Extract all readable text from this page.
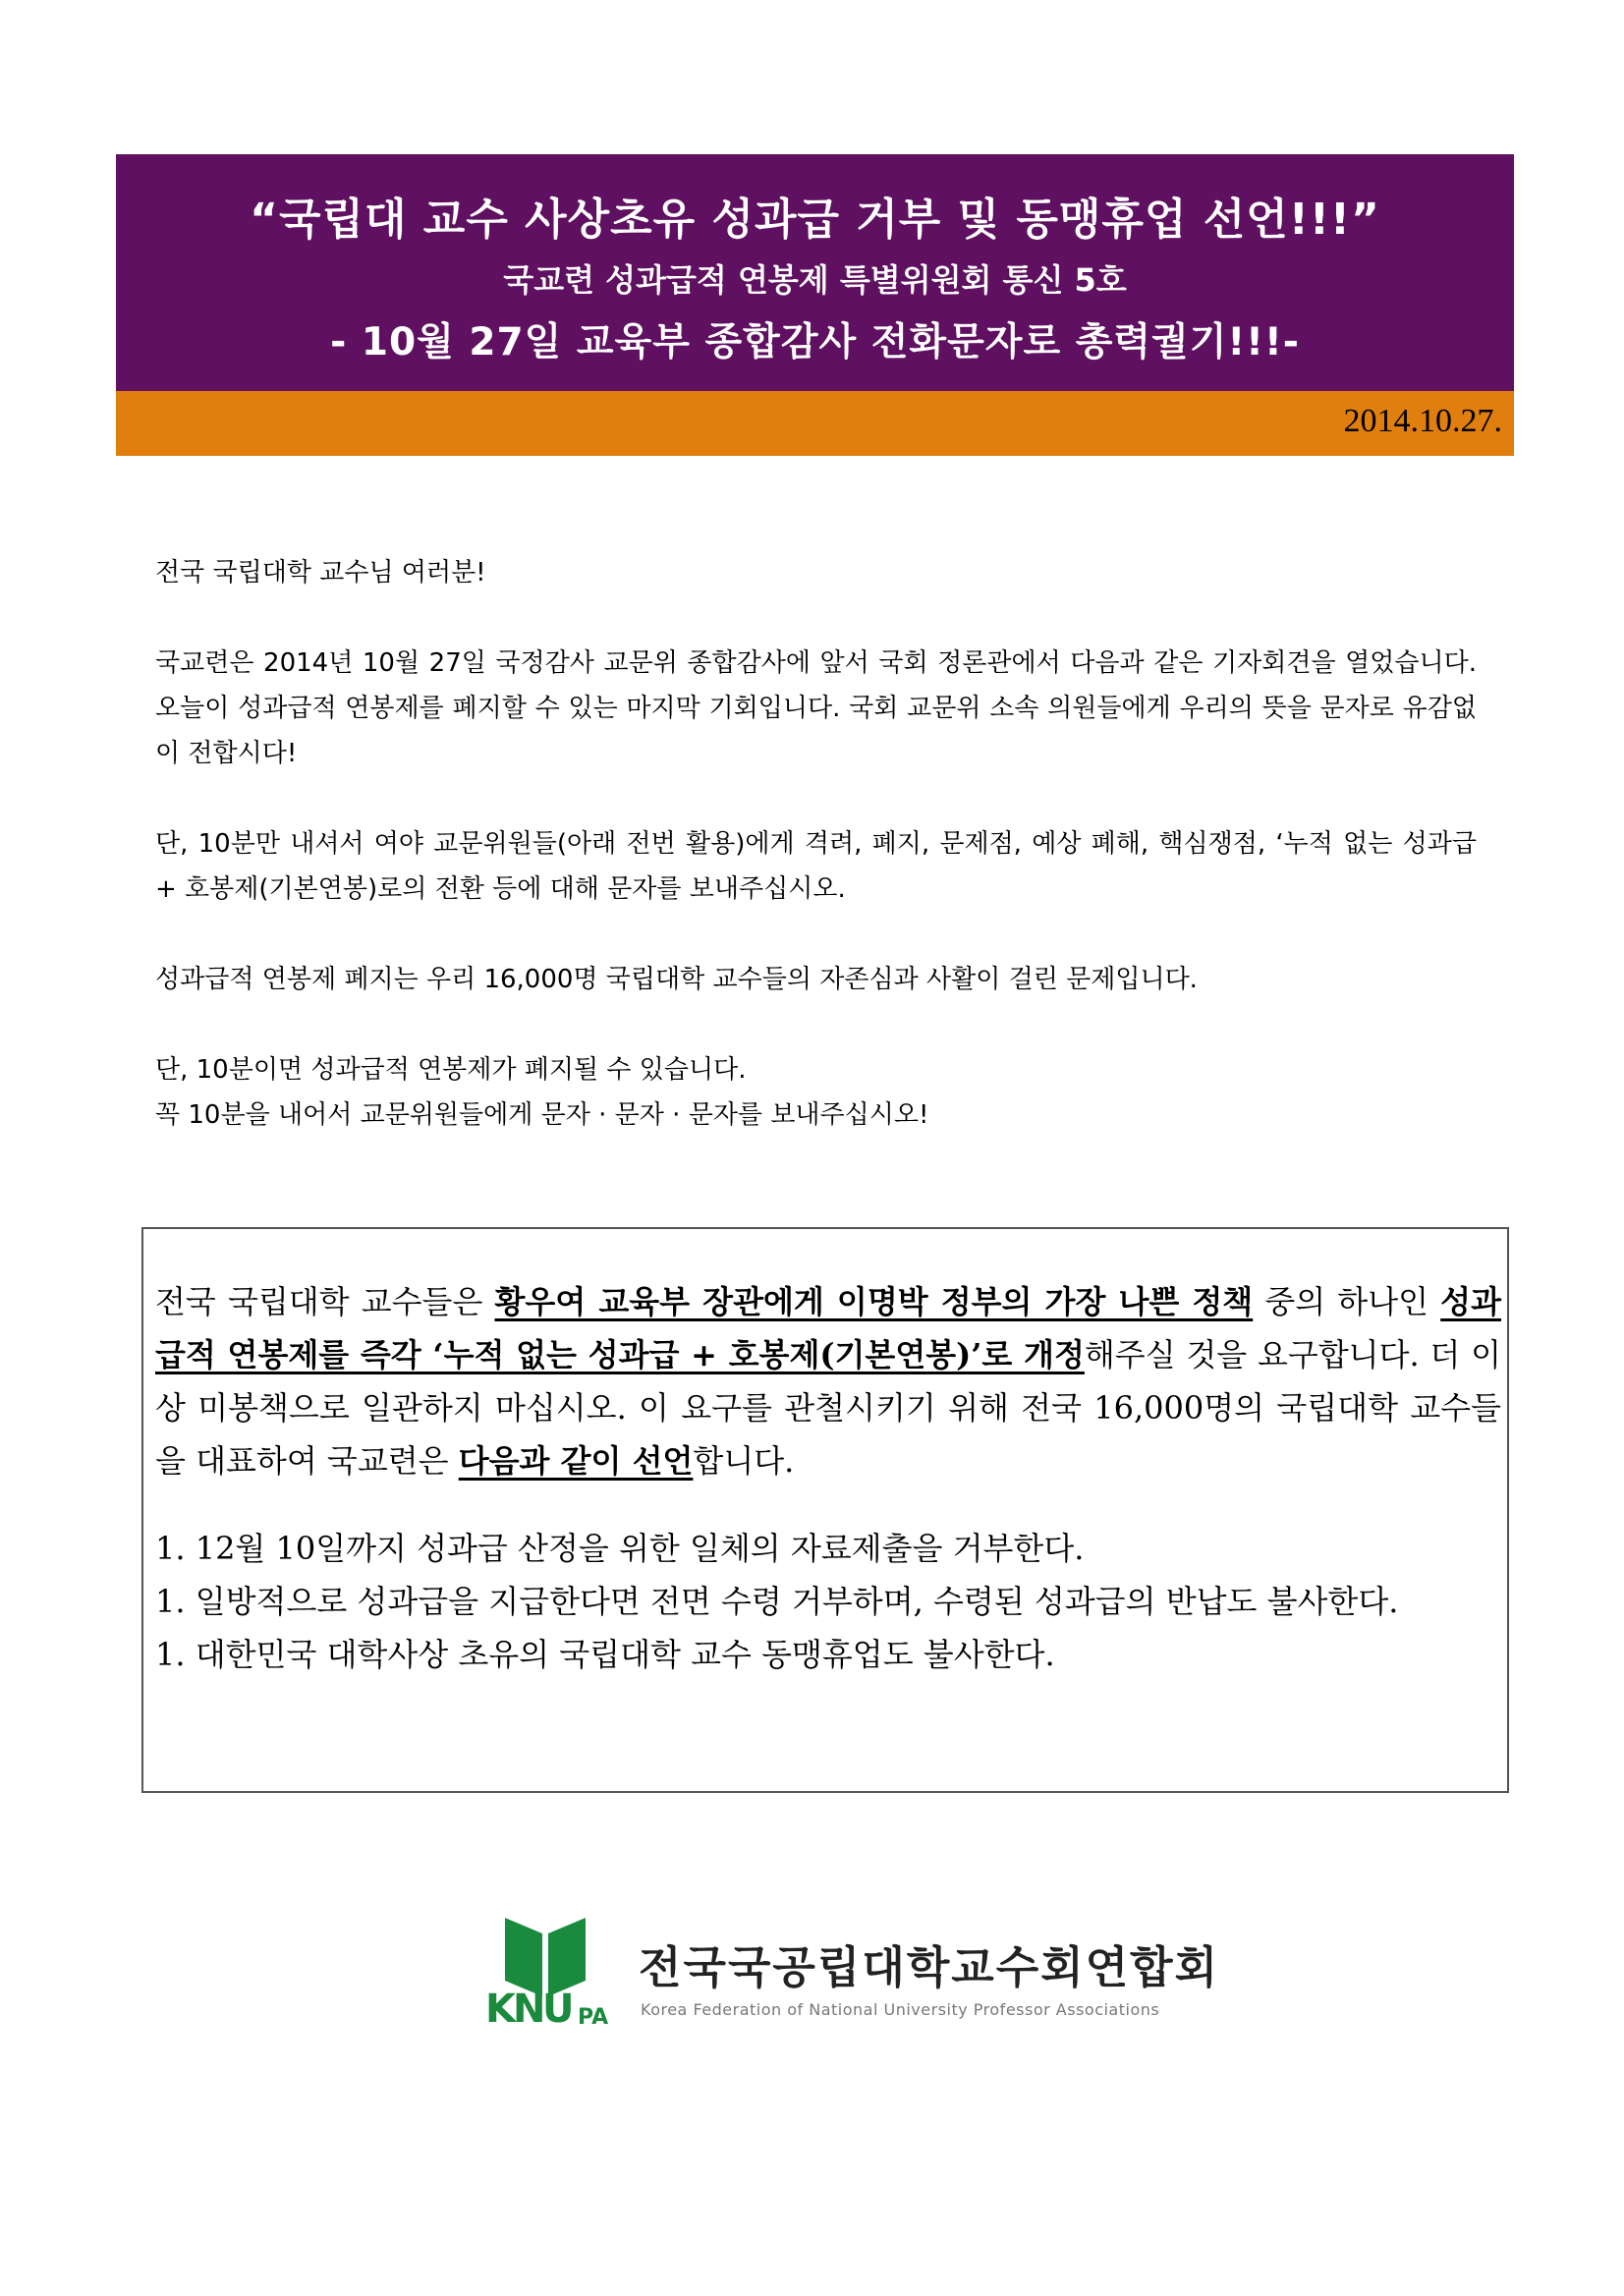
“국립대 교수 사상초유 성과급 거부 및 동맹휴업 선언!!!”
국교련 성과급적 연봉제 특별위원회 통신 5호
- 10월 27일 교육부 종합감사 전화문자로 총력궐기!!!-
2014.10.27.

전국 국립대학 교수님 여러분!

국교련은 2014년 10월 27일 국정감사 교문위 종합감사에 앞서 국회 정론관에서 다음과 같은 기자회견을 열었습니다. 오늘이 성과급적 연봉제를 폐지할 수 있는 마지막 기회입니다. 국회 교문위 소속 의원들에게 우리의 뜻을 문자로 유감없이 전합시다!

단, 10분만 내셔서 여야 교문위원들(아래 전번 활용)에게 격려, 폐지, 문제점, 예상 폐해, 핵심쟁점, ‘누적 없는 성과급 + 호봉제(기본연봉)로의 전환 등에 대해 문자를 보내주십시오.

성과급적 연봉제 폐지는 우리 16,000명 국립대학 교수들의 자존심과 사활이 걸린 문제입니다.

단, 10분이면 성과급적 연봉제가 폐지될 수 있습니다.

꼭 10분을 내어서 교문위원들에게 문자 · 문자 · 문자를 보내주십시오!

전국 국립대학 교수들은 황우여 교육부 장관에게 이명박 정부의 가장 나쁜 정책 중의 하나인 성과급적 연봉제를 즉각 ‘누적 없는 성과급 + 호봉제(기본연봉)’로 개정해주실 것을 요구합니다. 더 이상 미봉책으로 일관하지 마십시오. 이 요구를 관철시키기 위해 전국 16,000명의 국립대학 교수들을 대표하여 국교련은 다음과 같이 선언합니다.
1. 12월 10일까지 성과급 산정을 위한 일체의 자료제출을 거부한다.
1. 일방적으로 성과급을 지급한다면 전면 수령 거부하며, 수령된 성과급의 반납도 불사한다.
1. 대한민국 대학사상 초유의 국립대학 교수 동맹휴업도 불사한다.
K
N
U PA
전국국공립대학교수회연합회
Korea Federation of National University Professor Associations
